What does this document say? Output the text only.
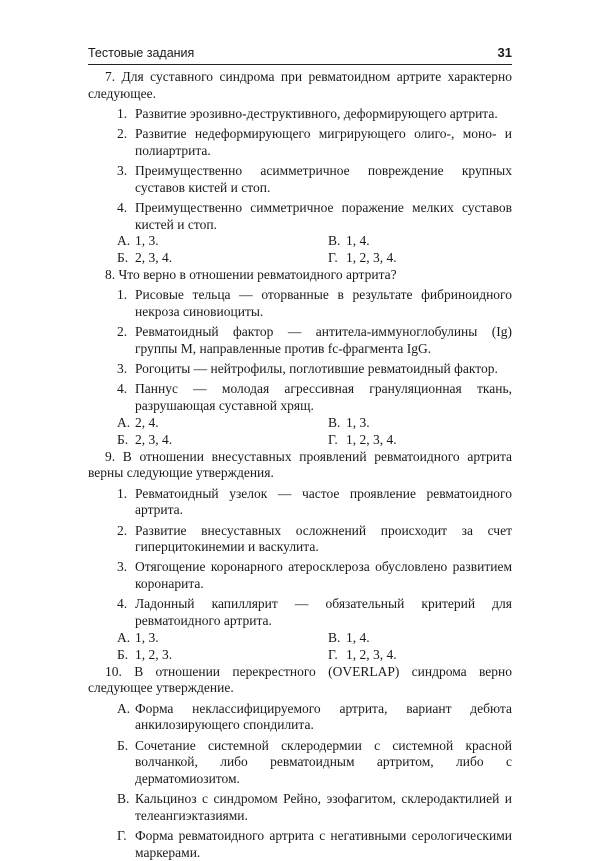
Тестовые задания	31
7. Для суставного синдрома при ревматоидном артрите характерно следующее.
1. Развитие эрозивно-деструктивного, деформирующего артрита.
2. Развитие недеформирующего мигрирующего олиго-, моно- и полиартрита.
3. Преимущественно асимметричное повреждение крупных суставов кистей и стоп.
4. Преимущественно симметричное поражение мелких суставов кистей и стоп.
А. 1, 3.	В. 1, 4.
Б. 2, 3, 4.	Г. 1, 2, 3, 4.
8. Что верно в отношении ревматоидного артрита?
1. Рисовые тельца — оторванные в результате фибриноидного некроза синовиоциты.
2. Ревматоидный фактор — антитела-иммуноглобулины (Ig) группы М, направленные против fc-фрагмента IgG.
3. Рогоциты — нейтрофилы, поглотившие ревматоидный фактор.
4. Паннус — молодая агрессивная грануляционная ткань, разрушающая суставной хрящ.
А. 2, 4.	В. 1, 3.
Б. 2, 3, 4.	Г. 1, 2, 3, 4.
9. В отношении внесуставных проявлений ревматоидного артрита верны следующие утверждения.
1. Ревматоидный узелок — частое проявление ревматоидного артрита.
2. Развитие внесуставных осложнений происходит за счет гиперцитокинемии и васкулита.
3. Отягощение коронарного атеросклероза обусловлено развитием коронарита.
4. Ладонный капиллярит — обязательный критерий для ревматоидного артрита.
А. 1, 3.	В. 1, 4.
Б. 1, 2, 3.	Г. 1, 2, 3, 4.
10. В отношении перекрестного (OVERLAP) синдрома верно следующее утверждение.
А. Форма неклассифицируемого артрита, вариант дебюта анкилозирующего спондилита.
Б. Сочетание системной склеродермии с системной красной волчанкой, либо ревматоидным артритом, либо с дерматомиозитом.
В. Кальциноз с синдромом Рейно, эзофагитом, склеродактилией и телеангиэктазиями.
Г. Форма ревматоидного артрита с негативными серологическими маркерами.
